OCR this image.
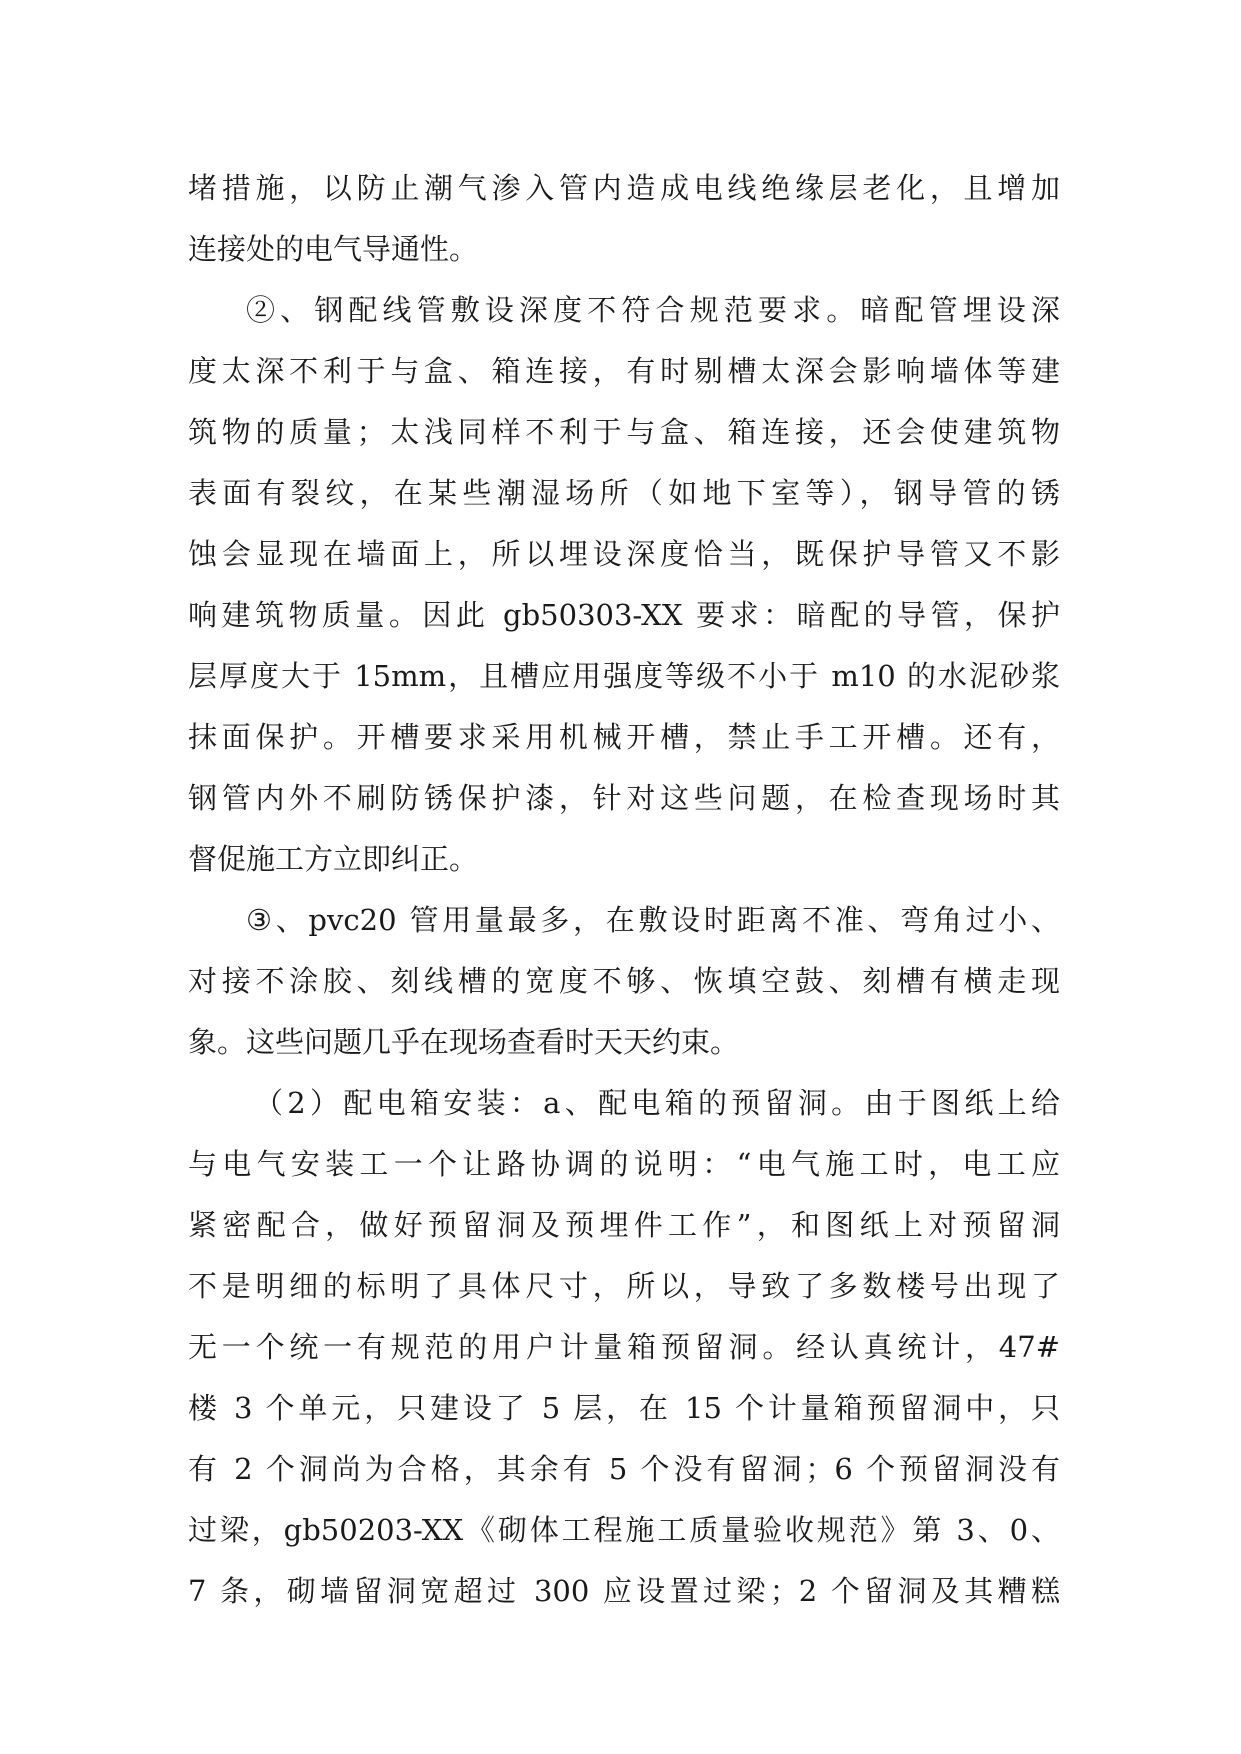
堵措施，以防止潮气渗入管内造成电线绝缘层老化，且增加
连接处的电气导通性。
②、钢配线管敷设深度不符合规范要求。暗配管埋设深
度太深不利于与盒、箱连接，有时剔槽太深会影响墙体等建
筑物的质量；太浅同样不利于与盒、箱连接，还会使建筑物
表面有裂纹，在某些潮湿场所（如地下室等），钢导管的锈
蚀会显现在墙面上，所以埋设深度恰当，既保护导管又不影
响建筑物质量。因此 gb50303-XX 要求：暗配的导管，保护
层厚度大于 15mm，且槽应用强度等级不小于 m10 的水泥砂浆
抹面保护。开槽要求采用机械开槽，禁止手工开槽。还有，
钢管内外不刷防锈保护漆，针对这些问题，在检查现场时其
督促施工方立即纠正。
③、pvc20 管用量最多，在敷设时距离不准、弯角过小、
对接不涂胶、刻线槽的宽度不够、恢填空鼓、刻槽有横走现
象。这些问题几乎在现场查看时天天约束。
（2）配电箱安装：a、配电箱的预留洞。由于图纸上给
与电气安装工一个让路协调的说明：“电气施工时，电工应
紧密配合，做好预留洞及预埋件工作”，和图纸上对预留洞
不是明细的标明了具体尺寸，所以，导致了多数楼号出现了
无一个统一有规范的用户计量箱预留洞。经认真统计，47#
楼 3 个单元，只建设了 5 层，在 15 个计量箱预留洞中，只
有 2 个洞尚为合格，其余有 5 个没有留洞；6 个预留洞没有
过梁，gb50203-XX《砌体工程施工质量验收规范》第 3、0、
7 条，砌墙留洞宽超过 300 应设置过梁；2 个留洞及其糟糕
